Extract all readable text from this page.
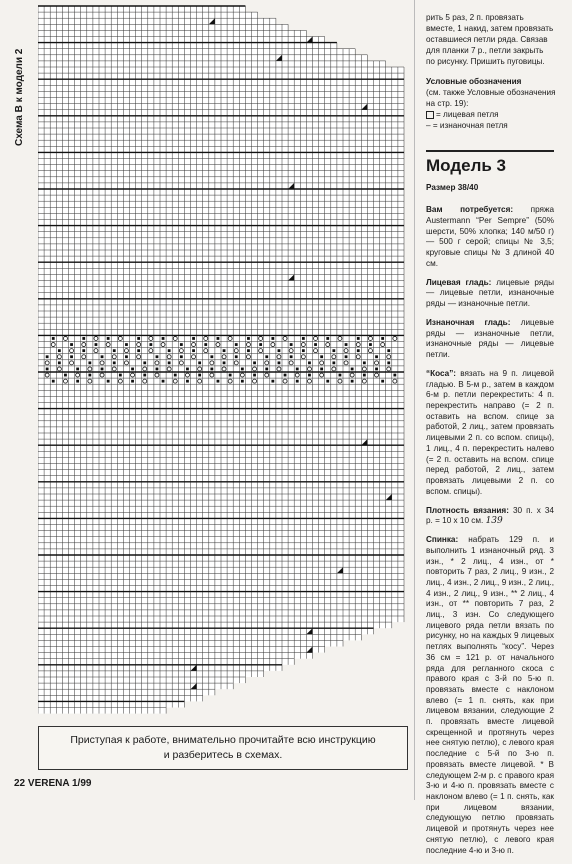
Схема В к модели 2
Приступая к работе, внимательно прочитайте всю инструкцию
и разберитесь в схемах.
22 VERENA 1/99
рить 5 раз, 2 п. провязать вместе, 1 накид, затем провязать оставшиеся петли ряда. Связав для планки 7 р., петли закрыть по рисунку. Пришить пуговицы.
Условные обозначения
(см. также Условные обозначения на стр. 19):
= лицевая петля
– = изнаночная петля
Модель 3
Размер 38/40

Вам потребуется: пряжа Austermann “Per Sempre” (50% шерсти, 50% хлопка; 140 м/50 г) — 500 г серой; спицы № 3,5; круговые спицы № 3 длиной 40 см.

Лицевая гладь: лицевые ряды — лицевые петли, изнаночные ряды — изнаночные петли.

Изнаночная гладь: лицевые ряды — изнаночные петли, изнаночные ряды — лицевые петли.

“Коса”: вязать на 9 п. лицевой гладью. В 5-м р., затем в каждом 6-м р. петли перекрестить: 4 п. перекрестить направо (= 2 п. оставить на вспом. спице за работой, 2 лиц., затем провязать лицевыми 2 п. со вспом. спицы), 1 лиц., 4 п. перекрестить налево (= 2 п. оставить на вспом. спице перед работой, 2 лиц., затем провязать лицевыми 2 п. со вспом. спицы).

Плотность вязания: 30 п. x 34 р. = 10 x 10 см. 139

Спинка: набрать 129 п. и выполнить 1 изнаночный ряд. 3 изн., * 2 лиц., 4 изн., от * повторить 7 раз, 2 лиц., 9 изн., 2 лиц., 4 изн., 2 лиц., 9 изн., 2 лиц., 4 изн., 2 лиц., 9 изн., ** 2 лиц., 4 изн., от ** повторить 7 раз, 2 лиц., 3 изн. Со следующего лицевого ряда петли вязать по рисунку, но на каждых 9 лицевых петлях выполнять “косу”. Через 36 см = 121 р. от начального ряда для регланного скоса с правого края с 3-й по 5-ю п. провязать вместе с наклоном влево (= 1 п. снять, как при лицевом вязании, следующие 2 п. провязать вместе лицевой скрещенной и протянуть через нее снятую петлю), с левого края последние с 5-й по 3-ю п. провязать вместе лицевой. * В следующем 2-м р. с правого края 3-ю и 4-ю п. провязать вместе с наклоном влево (= 1 п. снять, как при лицевом вязании, следующую петлю провязать лицевой и протянуть через нее снятую петлю), с левого края последние 4-ю и 3-ю п.
